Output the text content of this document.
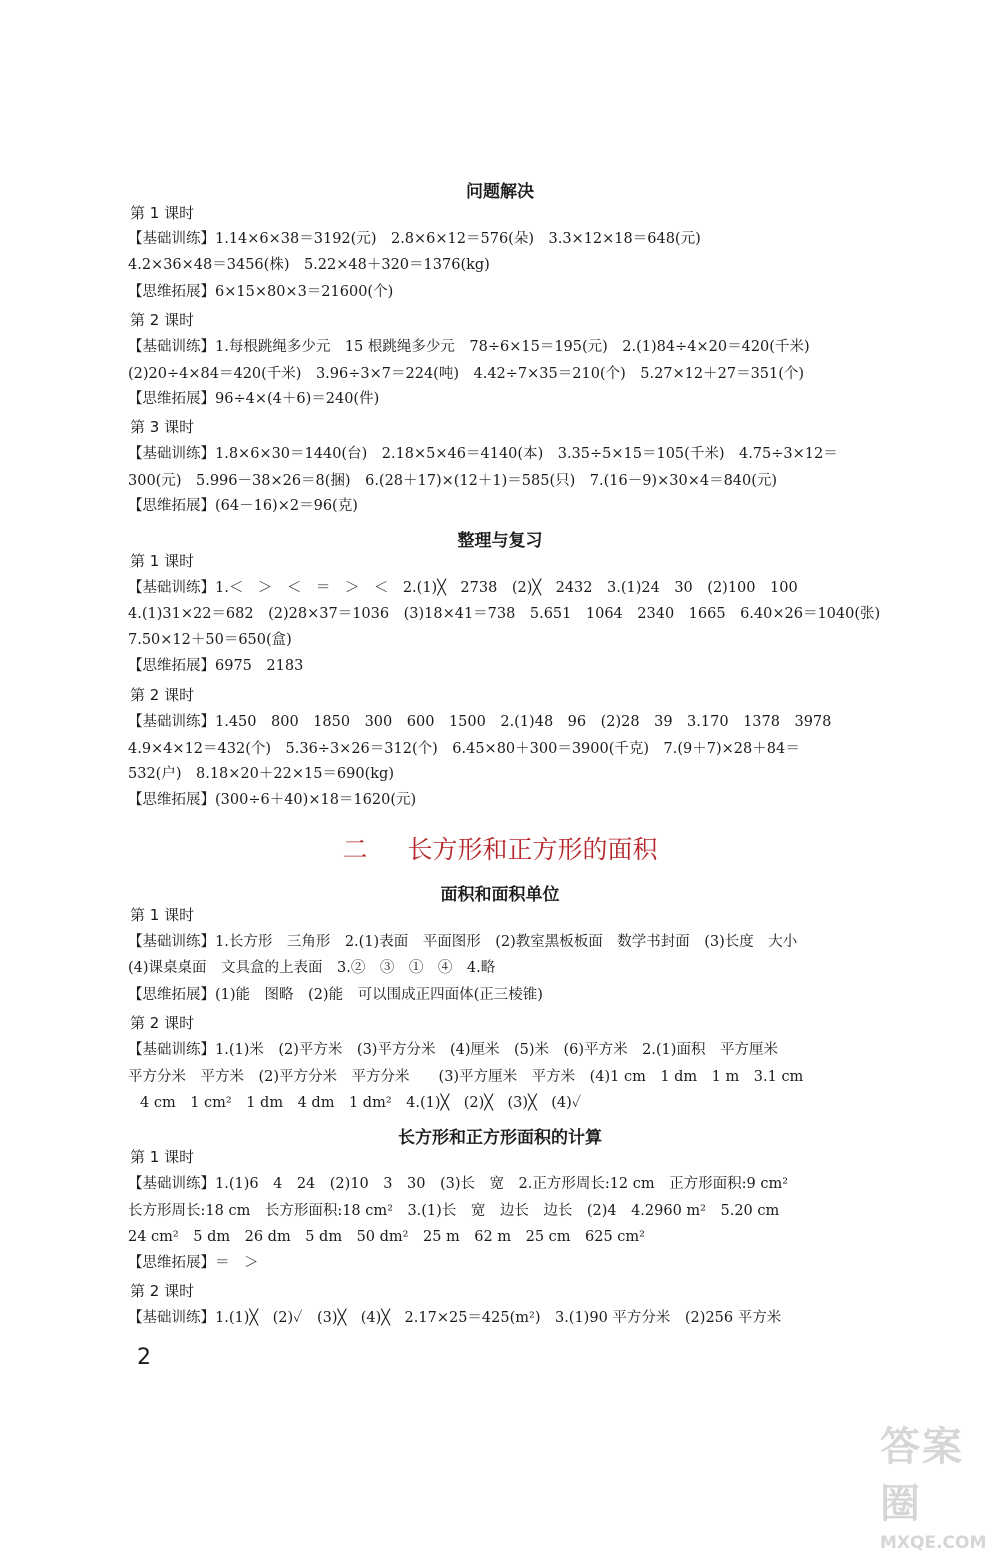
问题解决
第 1 课时
【基础训练】1.14×6×38＝3192(元)　2.8×6×12＝576(朵)　3.3×12×18＝648(元)
4.2×36×48＝3456(株)　5.22×48＋320＝1376(kg)
【思维拓展】6×15×80×3＝21600(个)
第 2 课时
【基础训练】1.每根跳绳多少元　15 根跳绳多少元　78÷6×15＝195(元)　2.(1)84÷4×20＝420(千米)
(2)20÷4×84＝420(千米)　3.96÷3×7＝224(吨)　4.42÷7×35＝210(个)　5.27×12＋27＝351(个)
【思维拓展】96÷4×(4＋6)＝240(件)
第 3 课时
【基础训练】1.8×6×30＝1440(台)　2.18×5×46＝4140(本)　3.35÷5×15＝105(千米)　4.75÷3×12＝
300(元)　5.996－38×26＝8(捆)　6.(28＋17)×(12＋1)＝585(只)　7.(16－9)×30×4＝840(元)
【思维拓展】(64－16)×2＝96(克)
整理与复习
第 1 课时
【基础训练】1.＜　＞　＜　＝　＞　＜　2.(1)╳　2738　(2)╳　2432　3.(1)24　30　(2)100　100
4.(1)31×22＝682　(2)28×37＝1036　(3)18×41＝738　5.651　1064　2340　1665　6.40×26＝1040(张)
7.50×12＋50＝650(盒)
【思维拓展】6975　2183
第 2 课时
【基础训练】1.450　800　1850　300　600　1500　2.(1)48　96　(2)28　39　3.170　1378　3978
4.9×4×12＝432(个)　5.36÷3×26＝312(个)　6.45×80＋300＝3900(千克)　7.(9＋7)×28＋84＝
532(户)　8.18×20＋22×15＝690(kg)
【思维拓展】(300÷6＋40)×18＝1620(元)
二 长方形和正方形的面积
面积和面积单位
第 1 课时
【基础训练】1.长方形　三角形　2.(1)表面　平面图形　(2)教室黑板板面　数学书封面　(3)长度　大小
(4)课桌桌面　文具盒的上表面　3.②　③　①　④　4.略
【思维拓展】(1)能　图略　(2)能　可以围成正四面体(正三棱锥)
第 2 课时
【基础训练】1.(1)米　(2)平方米　(3)平方分米　(4)厘米　(5)米　(6)平方米　2.(1)面积　平方厘米
平方分米　平方米　(2)平方分米　平方分米　　(3)平方厘米　平方米　(4)1 cm　1 dm　1 m　3.1 cm
4 cm　1 cm²　1 dm　4 dm　1 dm²　4.(1)╳　(2)╳　(3)╳　(4)✓
长方形和正方形面积的计算
第 1 课时
【基础训练】1.(1)6　4　24　(2)10　3　30　(3)长　宽　2.正方形周长:12 cm　正方形面积:9 cm²
长方形周长:18 cm　长方形面积:18 cm²　3.(1)长　宽　边长　边长　(2)4　4.2960 m²　5.20 cm
24 cm²　5 dm　26 dm　5 dm　50 dm²　25 m　62 m　25 cm　625 cm²
【思维拓展】＝　＞
第 2 课时
【基础训练】1.(1)╳　(2)✓　(3)╳　(4)╳　2.17×25＝425(m²)　3.(1)90 平方分米　(2)256 平方米
2
答案圈
MXQE.COM
